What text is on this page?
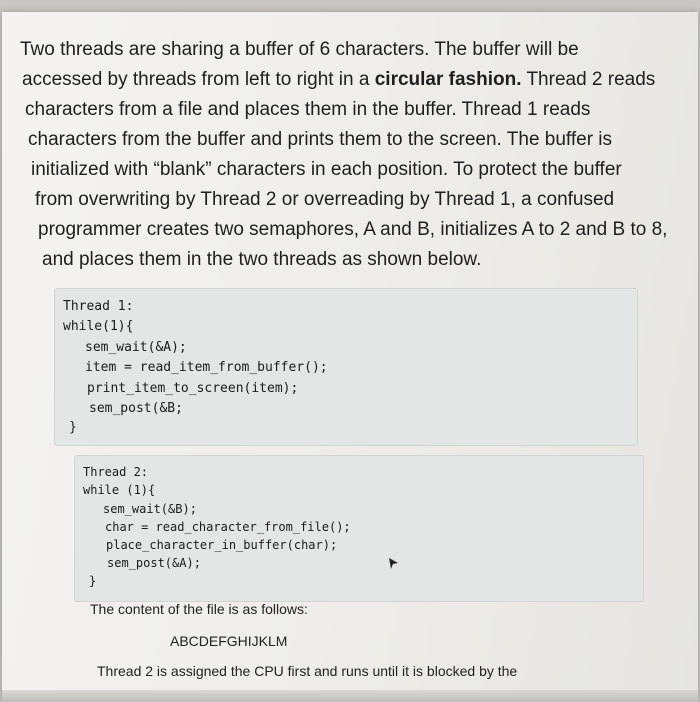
Two threads are sharing a buffer of 6 characters. The buffer will be
accessed by threads from left to right in a circular fashion. Thread 2 reads
characters from a file and places them in the buffer. Thread 1 reads
characters from the buffer and prints them to the screen. The buffer is
initialized with “blank” characters in each position. To protect the buffer
from overwriting by Thread 2 or overreading by Thread 1, a confused
programmer creates two semaphores, A and B, initializes A to 2 and B to 8,
and places them in the two threads as shown below.
Thread 1:
while(1){
sem_wait(&A);
item = read_item_from_buffer();
print_item_to_screen(item);
sem_post(&B;
}
Thread 2:
while (1){
sem_wait(&B);
char = read_character_from_file();
place_character_in_buffer(char);
sem_post(&A);
}
The content of the file is as follows:
ABCDEFGHIJKLM
Thread 2 is assigned the CPU first and runs until it is blocked by the
